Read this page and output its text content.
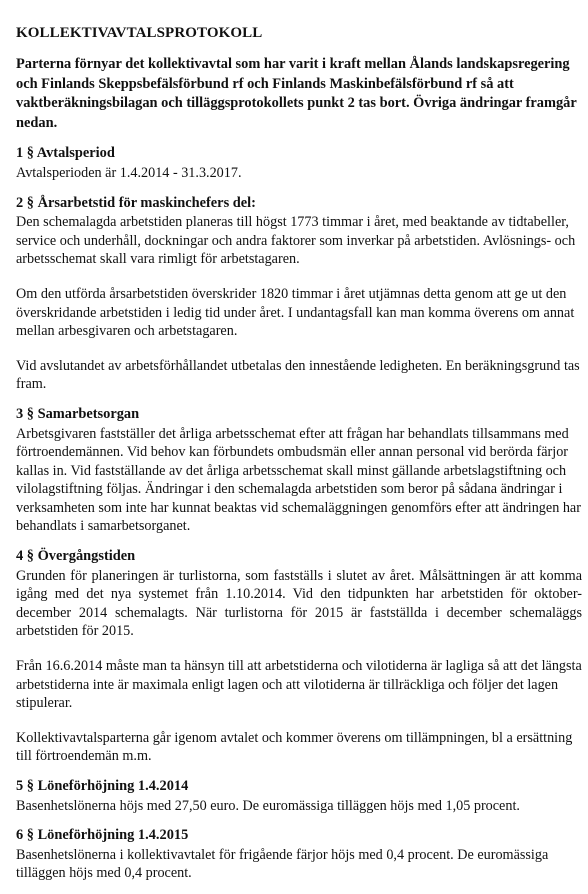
KOLLEKTIVAVTALSPROTOKOLL
Parterna förnyar det kollektivavtal som har varit i kraft mellan Ålands landskapsregering och Finlands Skeppsbefälsförbund rf och Finlands Maskinbefälsförbund rf så att vaktberäkningsbilagan och tilläggsprotokollets punkt 2 tas bort. Övriga ändringar framgår nedan.
1 § Avtalsperiod
Avtalsperioden är 1.4.2014 - 31.3.2017.
2 § Årsarbetstid för maskinchefers del:
Den schemalagda arbetstiden planeras till högst 1773 timmar i året, med beaktande av tidtabeller, service och underhåll, dockningar och andra faktorer som inverkar på arbetstiden. Avlösnings- och arbetsschemat skall vara rimligt för arbetstagaren.
Om den utförda årsarbetstiden överskrider 1820 timmar i året utjämnas detta genom att ge ut den överskridande arbetstiden i ledig tid under året. I undantagsfall kan man komma överens om annat mellan arbesgivaren och arbetstagaren.
Vid avslutandet av arbetsförhållandet utbetalas den innestående ledigheten. En beräkningsgrund tas fram.
3 § Samarbetsorgan
Arbetsgivaren fastställer det årliga arbetsschemat efter att frågan har behandlats tillsammans med förtroendemännen. Vid behov kan förbundets ombudsmän eller annan personal vid berörda färjor kallas in. Vid fastställande av det årliga arbetsschemat skall minst gällande arbetslagstiftning och vilolagstiftning följas. Ändringar i den schemalagda arbetstiden som beror på sådana ändringar i verksamheten som inte har kunnat beaktas vid schemaläggningen genomförs efter att ändringen har behandlats i samarbetsorganet.
4 § Övergångstiden
Grunden för planeringen är turlistorna, som fastställs i slutet av året. Målsättningen är att komma igång med det nya systemet från 1.10.2014. Vid den tidpunkten har arbetstiden för oktober-december 2014 schemalagts. När turlistorna för 2015 är fastställda i december schemaläggs arbetstiden för 2015.
Från 16.6.2014 måste man ta hänsyn till att arbetstiderna och vilotiderna är lagliga så att det längsta arbetstiderna inte är maximala enligt lagen och att vilotiderna är tillräckliga och följer det lagen stipulerar.
Kollektivavtalsparterna går igenom avtalet och kommer överens om tillämpningen, bl a ersättning till förtroendemän m.m.
5 § Löneförhöjning 1.4.2014
Basenhetslönerna höjs med 27,50 euro. De euromässiga tilläggen höjs med 1,05 procent.
6 § Löneförhöjning 1.4.2015
Basenhetslönerna i kollektivavtalet för frigående färjor höjs med 0,4 procent. De euromässiga tilläggen höjs med 0,4 procent.
